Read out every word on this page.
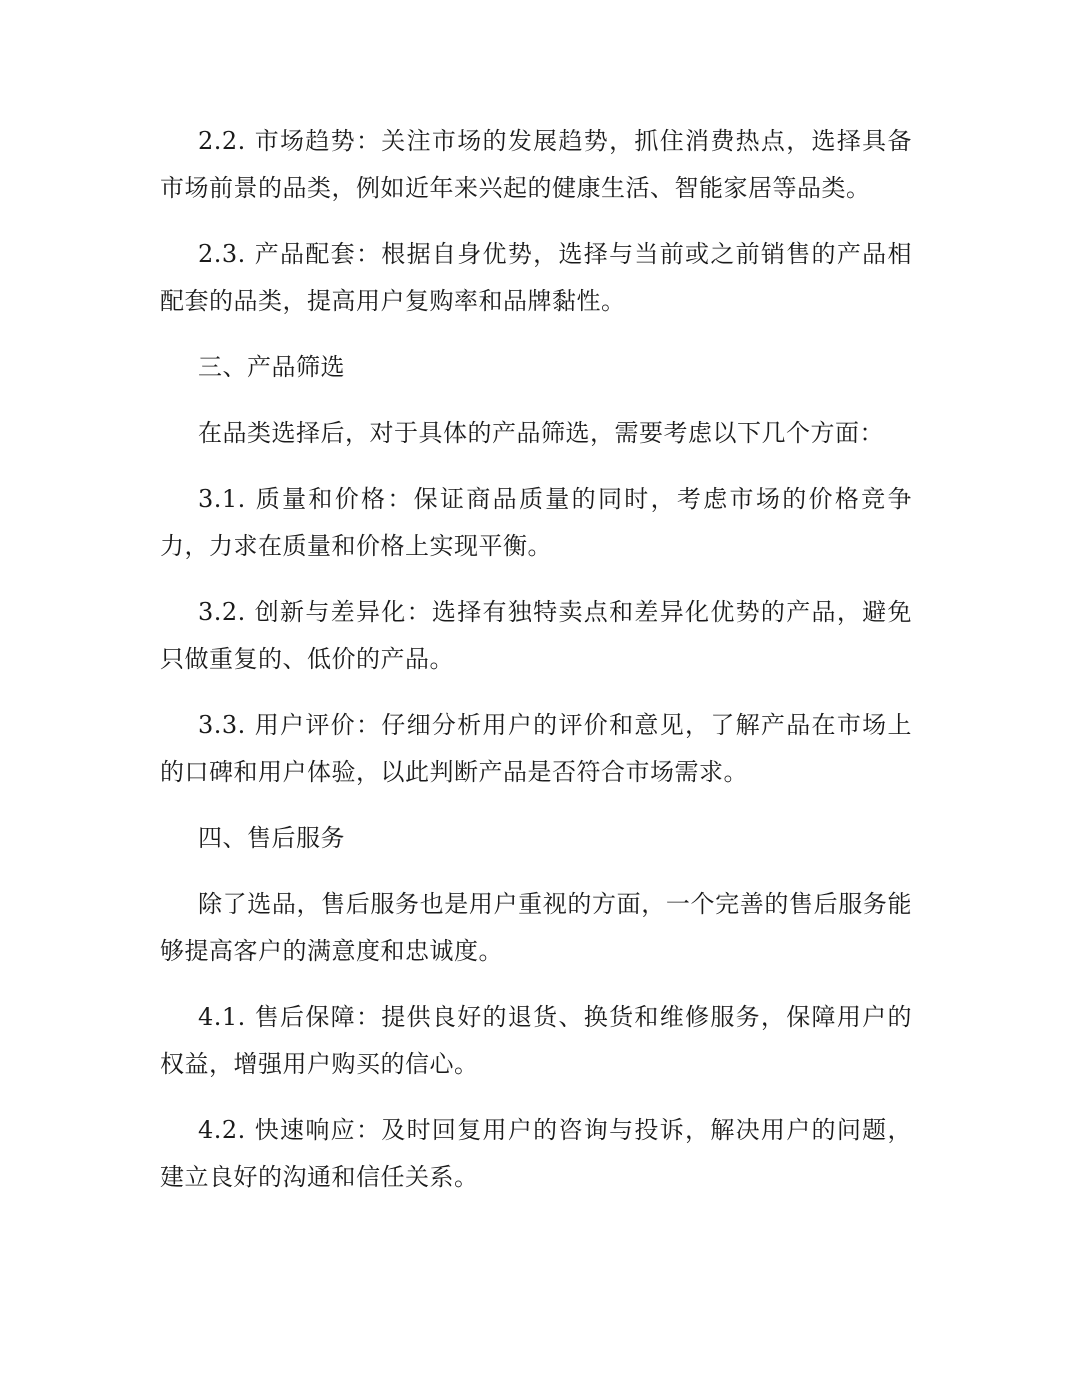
2.2. 市场趋势：关注市场的发展趋势，抓住消费热点，选择具备市场前景的品类，例如近年来兴起的健康生活、智能家居等品类。

2.3. 产品配套：根据自身优势，选择与当前或之前销售的产品相配套的品类，提高用户复购率和品牌黏性。

三、产品筛选

在品类选择后，对于具体的产品筛选，需要考虑以下几个方面：

3.1. 质量和价格：保证商品质量的同时，考虑市场的价格竞争力，力求在质量和价格上实现平衡。

3.2. 创新与差异化：选择有独特卖点和差异化优势的产品，避免只做重复的、低价的产品。

3.3. 用户评价：仔细分析用户的评价和意见，了解产品在市场上的口碑和用户体验，以此判断产品是否符合市场需求。

四、售后服务

除了选品，售后服务也是用户重视的方面，一个完善的售后服务能够提高客户的满意度和忠诚度。

4.1. 售后保障：提供良好的退货、换货和维修服务，保障用户的权益，增强用户购买的信心。

4.2. 快速响应：及时回复用户的咨询与投诉，解决用户的问题，建立良好的沟通和信任关系。
